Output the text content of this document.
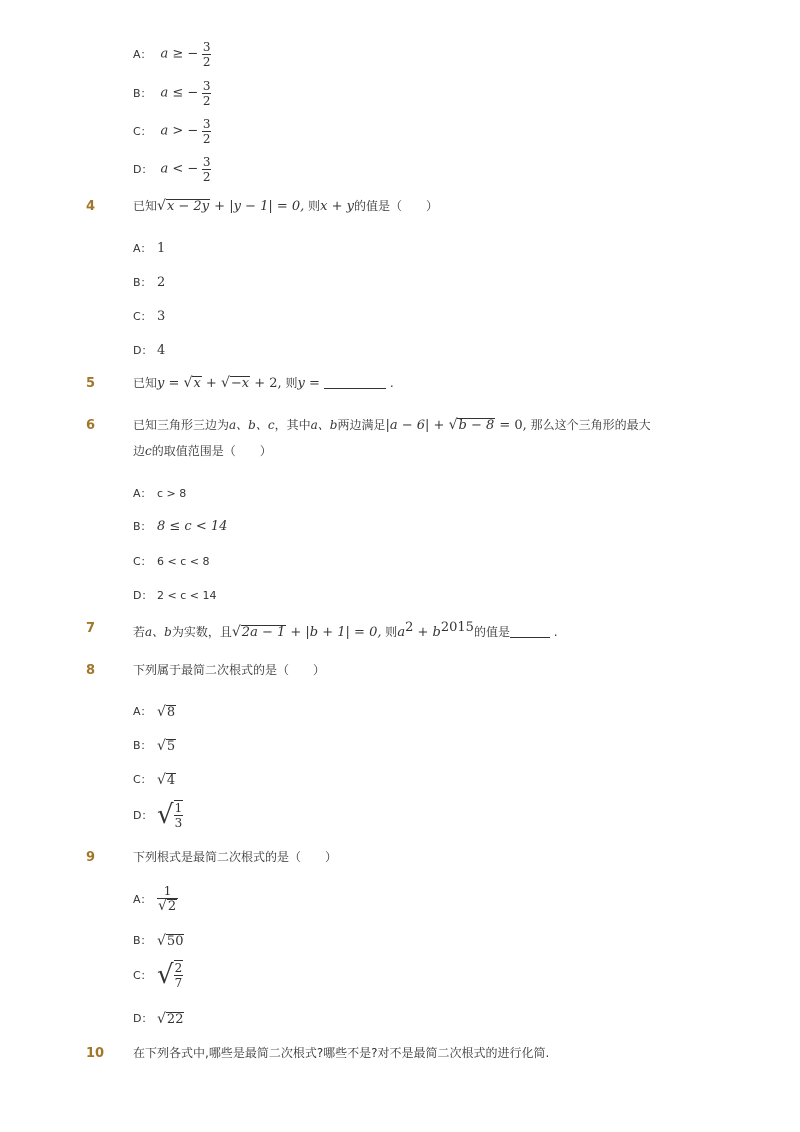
A： a ≥ − $\frac{3}{2}$
B： a ≤ − $\frac{3}{2}$
C： a > − $\frac{3}{2}$
D： a < − $\frac{3}{2}$
4	已知 √ x − 2y + |y − 1| = 0, 则x + y的值是（　　）
A： 1
B： 2
C： 3
D： 4
5	已知y = √ x + √ −x + 2, 则y =	.
6	已知三角形三边为a、b、c，其中a、b两边满足|a − 6| + √ b − 8 = 0, 那么这个三角形的最大
边c的取值范围是（　　）
A： c > 8
B： 8 ≤ c < 14
C： 6 < c < 8
D： 2 < c < 14
7	若a、b为实数，且 √ 2a − 1 + |b + 1| = 0, 则$a^2 + b^{2015}$的值是	.
8	下列属于最简二次根式的是（　　）
A： √ 8
B： √ 5
C： √ 4
D： √ $\frac{1}{3}$
9	下列根式是最简二次根式的是（　　）
A： $\frac{1}{√ 2}$
B： √ 50
C： √ $\frac{2}{7}$
D： √ 22
10 在下列各式中,哪些是最简二次根式?哪些不是?对不是最简二次根式的进行化简.
